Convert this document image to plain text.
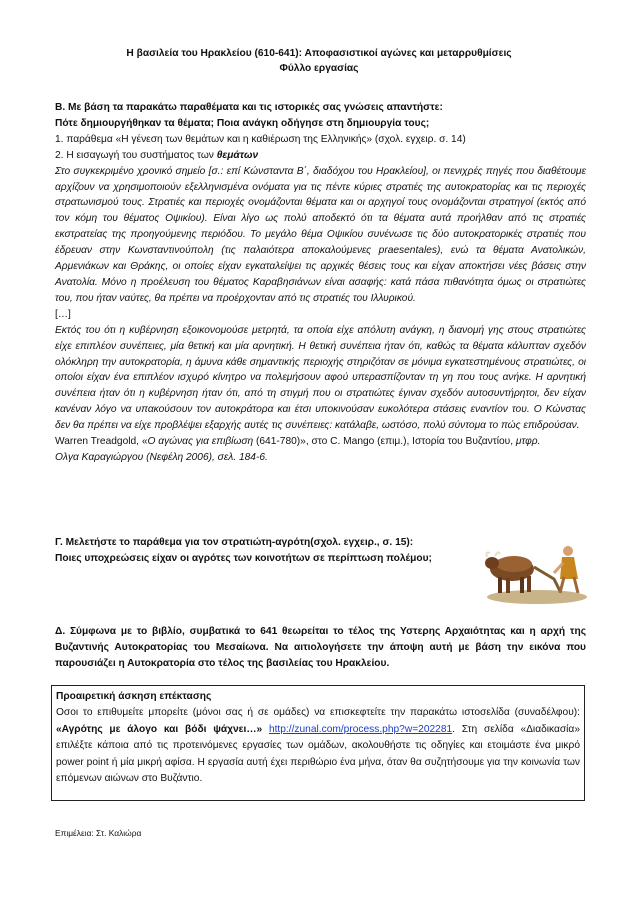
Η βασιλεία του Ηρακλείου (610-641): Αποφασιστικοί αγώνες και μεταρρυθμίσεις
Φύλλο εργασίας

Β. Με βάση τα παρακάτω παραθέματα και τις ιστορικές σας γνώσεις απαντήστε:

Πότε δημιουργήθηκαν τα θέματα; Ποια ανάγκη οδήγησε στη δημιουργία τους;

1. παράθεμα «Η γένεση των θεμάτων και η καθιέρωση της Ελληνικής» (σχολ. εγχειρ. σ. 14)

2. Η εισαγωγή του συστήματος των θεμάτων

Στο συγκεκριμένο χρονικό σημείο [σ.: επί Κώνσταντα Β΄, διαδόχου του Ηρακλείου], οι πενιχρές πηγές που διαθέτουμε αρχίζουν να χρησιμοποιούν εξελληνισμένα ονόματα για τις πέντε κύριες στρατιές της αυτοκρατορίας και τις περιοχές στρατωνισμού τους. Στρατιές και περιοχές ονομάζονται θέματα και οι αρχηγοί τους ονομάζονται στρατηγοί (εκτός από τον κόμη του θέματος Οψικίου). Είναι λίγο ως πολύ αποδεκτό ότι τα θέματα αυτά προήλθαν από τις στρατιές εκστρατείας της προηγούμενης περιόδου. Το μεγάλο θέμα Οψικίου συνένωσε τις δύο αυτοκρατορικές στρατιές που έδρευαν στην Κωνσταντινούπολη (τις παλαιότερα αποκαλούμενες praesentales), ενώ τα θέματα Ανατολικών, Αρμενιάκων και Θράκης, οι οποίες είχαν εγκαταλείψει τις αρχικές θέσεις τους και είχαν αποκτήσει νέες βάσεις στην Ανατολία. Μόνο η προέλευση του θέματος Καραβησιάνων είναι ασαφής: κατά πάσα πιθανότητα όμως οι στρατιώτες του, που ήταν ναύτες, θα πρέπει να προέρχονταν από τις στρατιές του Ιλλυρικού.

[…]

Εκτός του ότι η κυβέρνηση εξοικονομούσε μετρητά, τα οποία είχε απόλυτη ανάγκη, η διανομή γης στους στρατιώτες είχε επιπλέον συνέπειες, μία θετική και μία αρνητική. Η θετική συνέπεια ήταν ότι, καθώς τα θέματα κάλυπταν σχεδόν ολόκληρη την αυτοκρατορία, η άμυνα κάθε σημαντικής περιοχής στηριζόταν σε μόνιμα εγκατεστημένους στρατιώτες, οι οποίοι είχαν ένα επιπλέον ισχυρό κίνητρο να πολεμήσουν αφού υπερασπίζονταν τη γη που τους ανήκε. Η αρνητική συνέπεια ήταν ότι η κυβέρνηση ήταν ότι, από τη στιγμή που οι στρατιώτες έγιναν σχεδόν αυτοσυντήρητοι, δεν είχαν κανέναν λόγο να υπακούσουν τον αυτοκράτορα και έτσι υποκινούσαν ευκολότερα στάσεις εναντίον του. Ο Κώνστας δεν θα πρέπει να είχε προβλέψει εξαρχής αυτές τις συνέπειες: κατάλαβε, ωστόσο, πολύ σύντομα το πώς επιδρούσαν.

Warren Treadgold, «Ο αγώνας για επιβίωση (641-780)», στο C. Mango (επιμ.), Ιστορία του Βυζαντίου, μτφρ.

Ολγα Καραγιώργου (Νεφέλη 2006), σελ. 184-6.

Γ. Μελετήστε το παράθεμα για τον στρατιώτη-αγρότη(σχολ. εγχειρ., σ. 15):

Ποιες υποχρεώσεις είχαν οι αγρότες των κοινοτήτων σε περίπτωση πολέμου;

Δ. Σύμφωνα με το βιβλίο, συμβατικά το 641 θεωρείται το τέλος της Υστερης Αρχαιότητας και η αρχή της Βυζαντινής Αυτοκρατορίας του Μεσαίωνα. Να αιτιολογήσετε την άποψη αυτή με βάση την εικόνα που παρουσιάζει η Αυτοκρατορία στο τέλος της βασιλείας του Ηρακλείου.

Προαιρετική άσκηση επέκτασης

Οσοι το επιθυμείτε μπορείτε (μόνοι σας ή σε ομάδες) να επισκεφτείτε την παρακάτω ιστοσελίδα (συναδέλφου): «Αγρότης με άλογο και βόδι ψάχνει…» http://zunal.com/process.php?w=202281. Στη σελίδα «Διαδικασία» επιλέξτε κάποια από τις προτεινόμενες εργασίες των ομάδων, ακολουθήστε τις οδηγίες και ετοιμάστε ένα μικρό power point ή μία μικρή αφίσα. Η εργασία αυτή έχει περιθώριο ένα μήνα, όταν θα συζητήσουμε για την κοινωνία των επόμενων αιώνων στο Βυζάντιο.

Επιμέλεια: Στ. Καλιώρα
